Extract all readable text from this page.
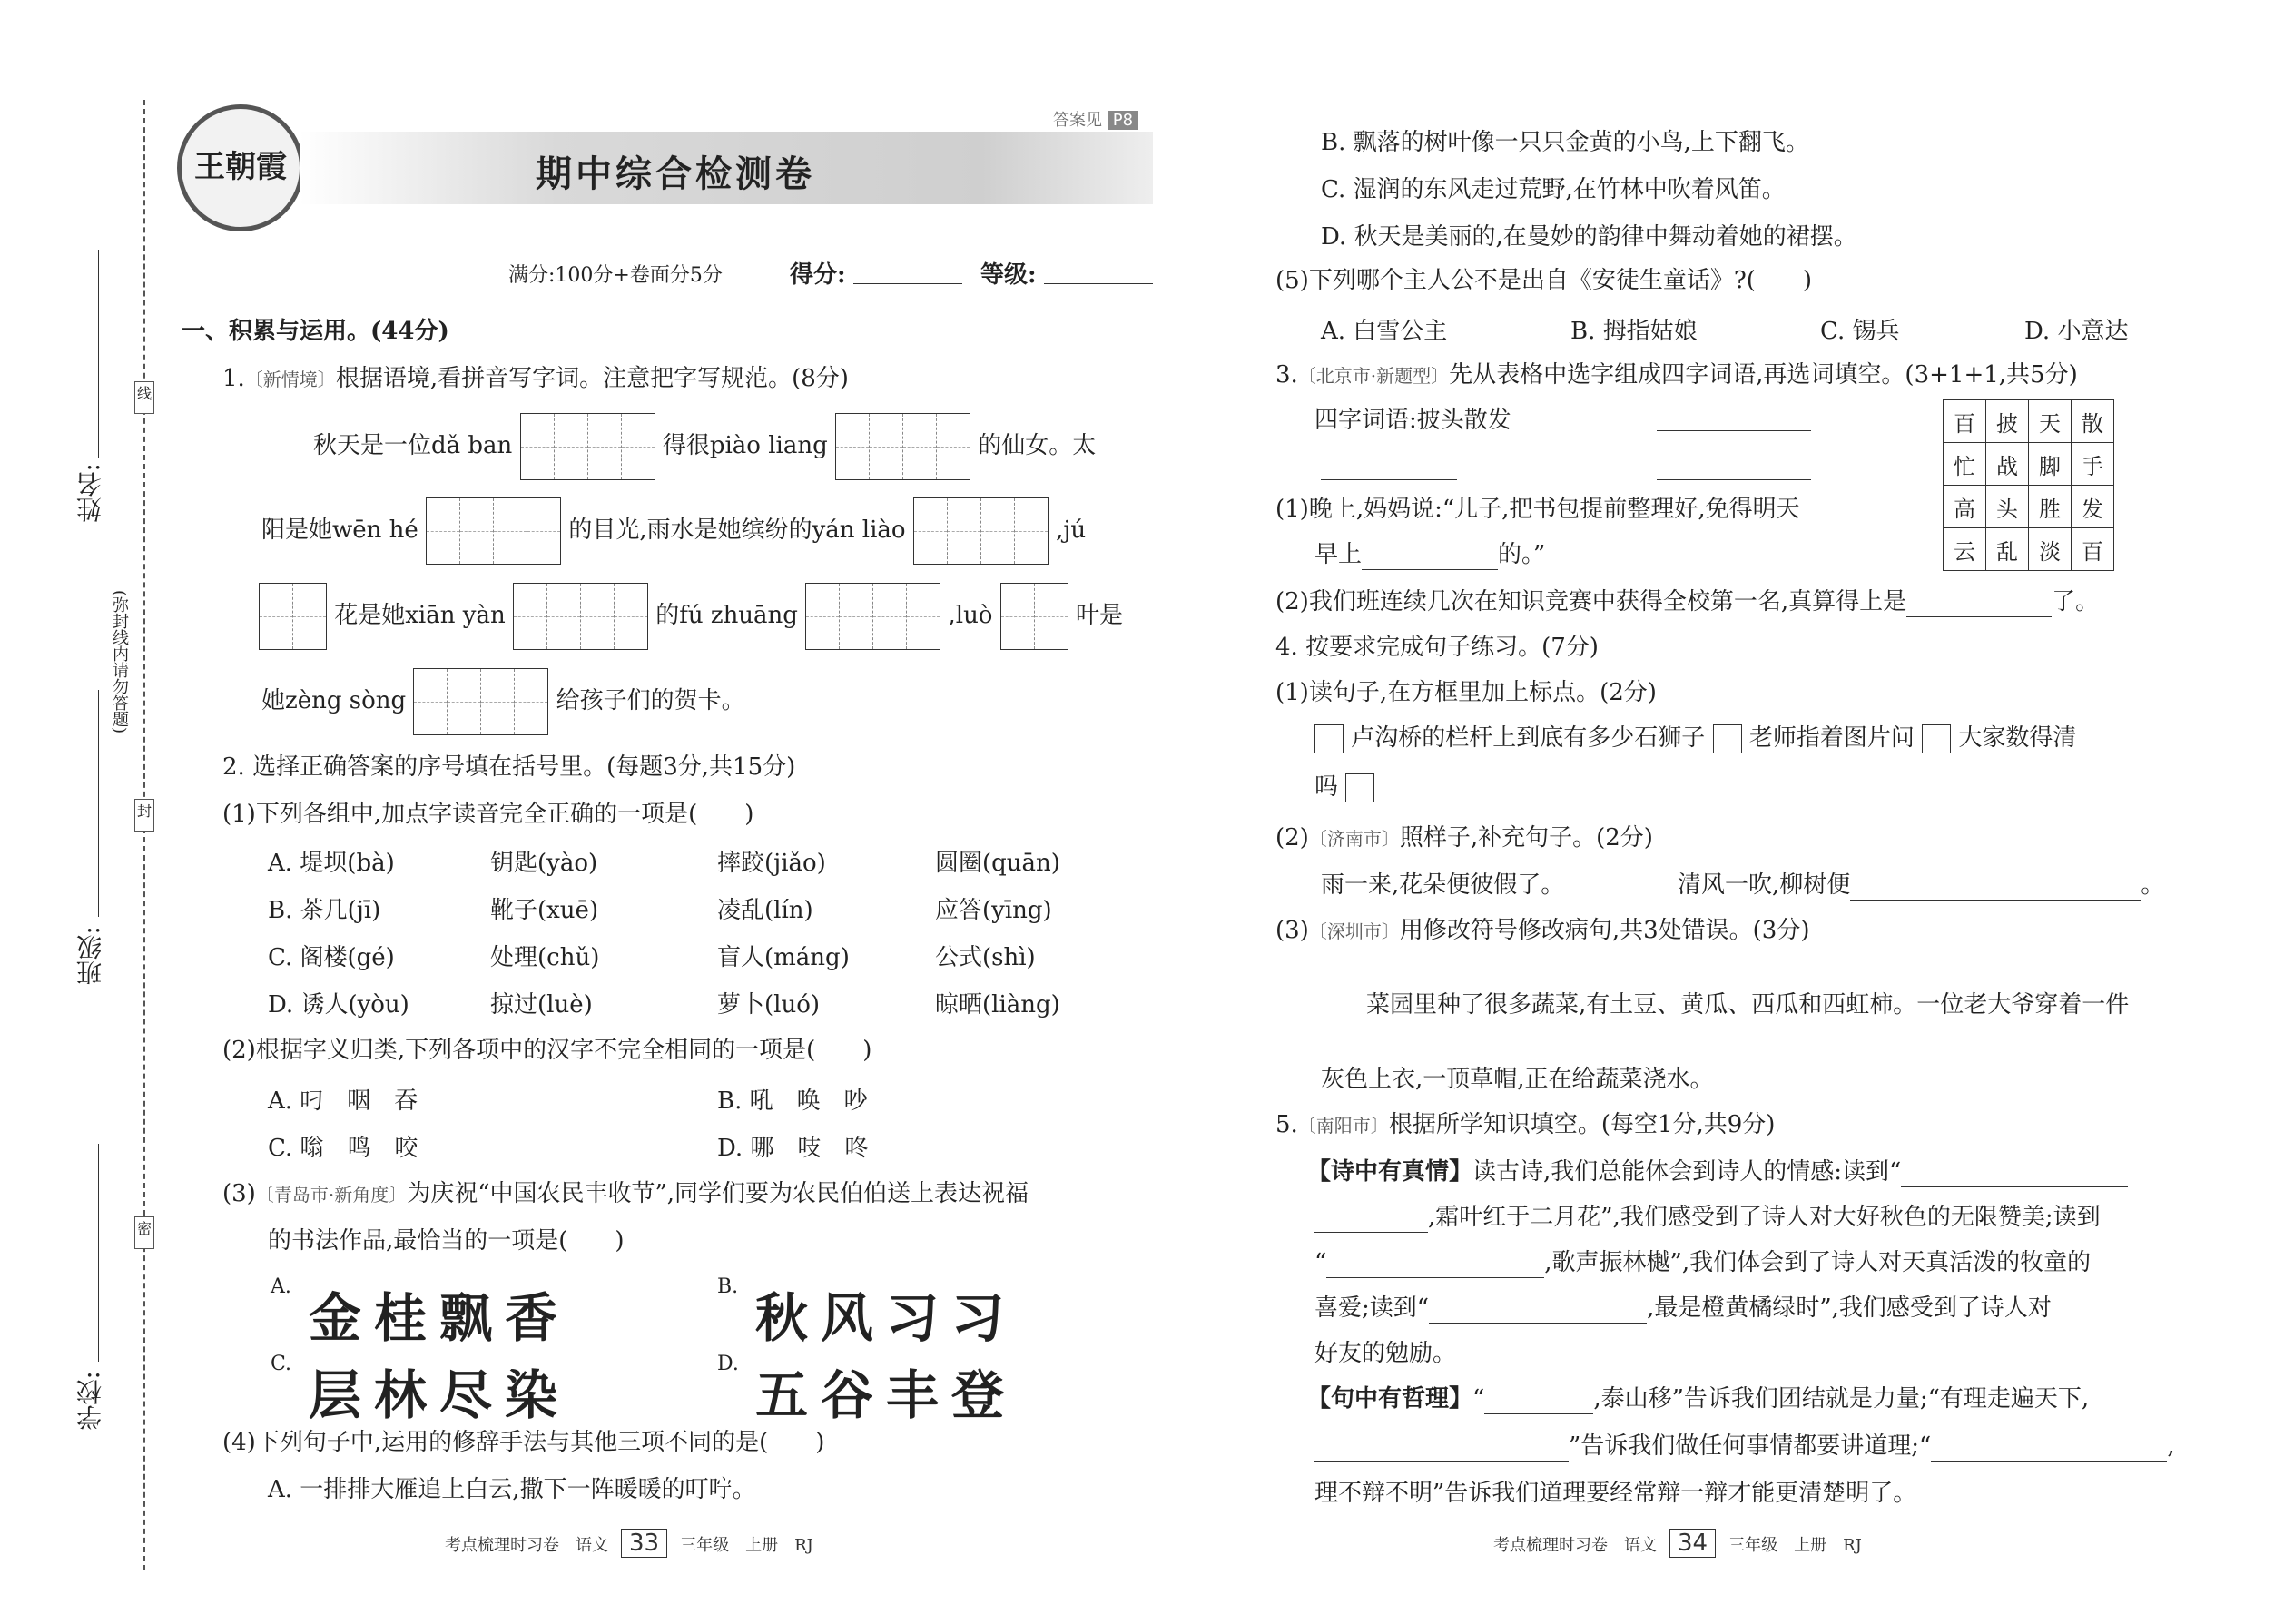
线
封
密
(弥封线内请勿答题)
姓名:
班级:
学校:
王朝霞	期中综合检测卷
答案见 P8
满分:100分+卷面分5分	得分:	等级:
一、积累与运用。(44分)
1.〔新情境〕根据语境,看拼音写字词。注意把字写规范。(8分)
秋天是一位dǎ ban	得很piào liang	的仙女。太
阳是她wēn hé	的目光,雨水是她缤纷的yán liào	,jú
花是她xiān yàn	的fú zhuāng	,luò	叶是
她zèng sòng	给孩子们的贺卡。
2. 选择正确答案的序号填在括号里。(每题3分,共15分)
(1)下列各组中,加点字读音完全正确的一项是(　　)
A. 堤坝(bà)	钥匙(yào)	摔跤(jiǎo)	圆圈(quān)
B. 茶几(jī)	靴子(xuē)	凌乱(lín)	应答(yīng)
C. 阁楼(gé)	处理(chǔ)	盲人(máng)	公式(shì)
D. 诱人(yòu)	掠过(luè)	萝卜(luó)	晾晒(liàng)
(2)根据字义归类,下列各项中的汉字不完全相同的一项是(　　)
A. 叼　咽　吞	B. 吼　唤　吵
C. 嗡　鸣　咬	D. 哪　吱　咚
(3)〔青岛市·新角度〕为庆祝“中国农民丰收节”,同学们要为农民伯伯送上表达祝福
的书法作品,最恰当的一项是(　　)
A.
金桂飘香
B.
秋风习习
C.
层林尽染
D.
五谷丰登
(4)下列句子中,运用的修辞手法与其他三项不同的是(　　)
A. 一排排大雁追上白云,撒下一阵暖暖的叮咛。
B. 飘落的树叶像一只只金黄的小鸟,上下翻飞。
C. 湿润的东风走过荒野,在竹林中吹着风笛。
D. 秋天是美丽的,在曼妙的韵律中舞动着她的裙摆。
(5)下列哪个主人公不是出自《安徒生童话》?(　　)
A. 白雪公主	B. 拇指姑娘	C. 锡兵	D. 小意达
3.〔北京市·新题型〕先从表格中选字组成四字词语,再选词填空。(3+1+1,共5分)
四字词语:披头散发	百	披	天	散
忙	战	脚	手
高	头	胜	发
云	乱	淡	百
(1)晚上,妈妈说:“儿子,把书包提前整理好,免得明天
早上	的。”
(2)我们班连续几次在知识竞赛中获得全校第一名,真算得上是	了。
4. 按要求完成句子练习。(7分)
(1)读句子,在方框里加上标点。(2分)
卢沟桥的栏杆上到底有多少石狮子 老师指着图片问 大家数得清
吗
(2)〔济南市〕照样子,补充句子。(2分)
雨一来,花朵便彼假了。	清风一吹,柳树便	。
(3)〔深圳市〕用修改符号修改病句,共3处错误。(3分)
菜园里种了很多蔬菜,有土豆、黄瓜、西瓜和西虹柿。一位老大爷穿着一件
灰色上衣,一顶草帽,正在给蔬菜浇水。
5.〔南阳市〕根据所学知识填空。(每空1分,共9分)
【诗中有真情】读古诗,我们总能体会到诗人的情感:读到“
,霜叶红于二月花”,我们感受到了诗人对大好秋色的无限赞美;读到
“	,歌声振林樾”,我们体会到了诗人对天真活泼的牧童的
喜爱;读到“	,最是橙黄橘绿时”,我们感受到了诗人对
好友的勉励。
【句中有哲理】“	,泰山移”告诉我们团结就是力量;“有理走遍天下,
”告诉我们做任何事情都要讲道理;“	,
理不辩不明”告诉我们道理要经常辩一辩才能更清楚明了。
考点梳理时习卷　语文 33 三年级　上册　RJ	考点梳理时习卷　语文 34 三年级　上册　RJ
